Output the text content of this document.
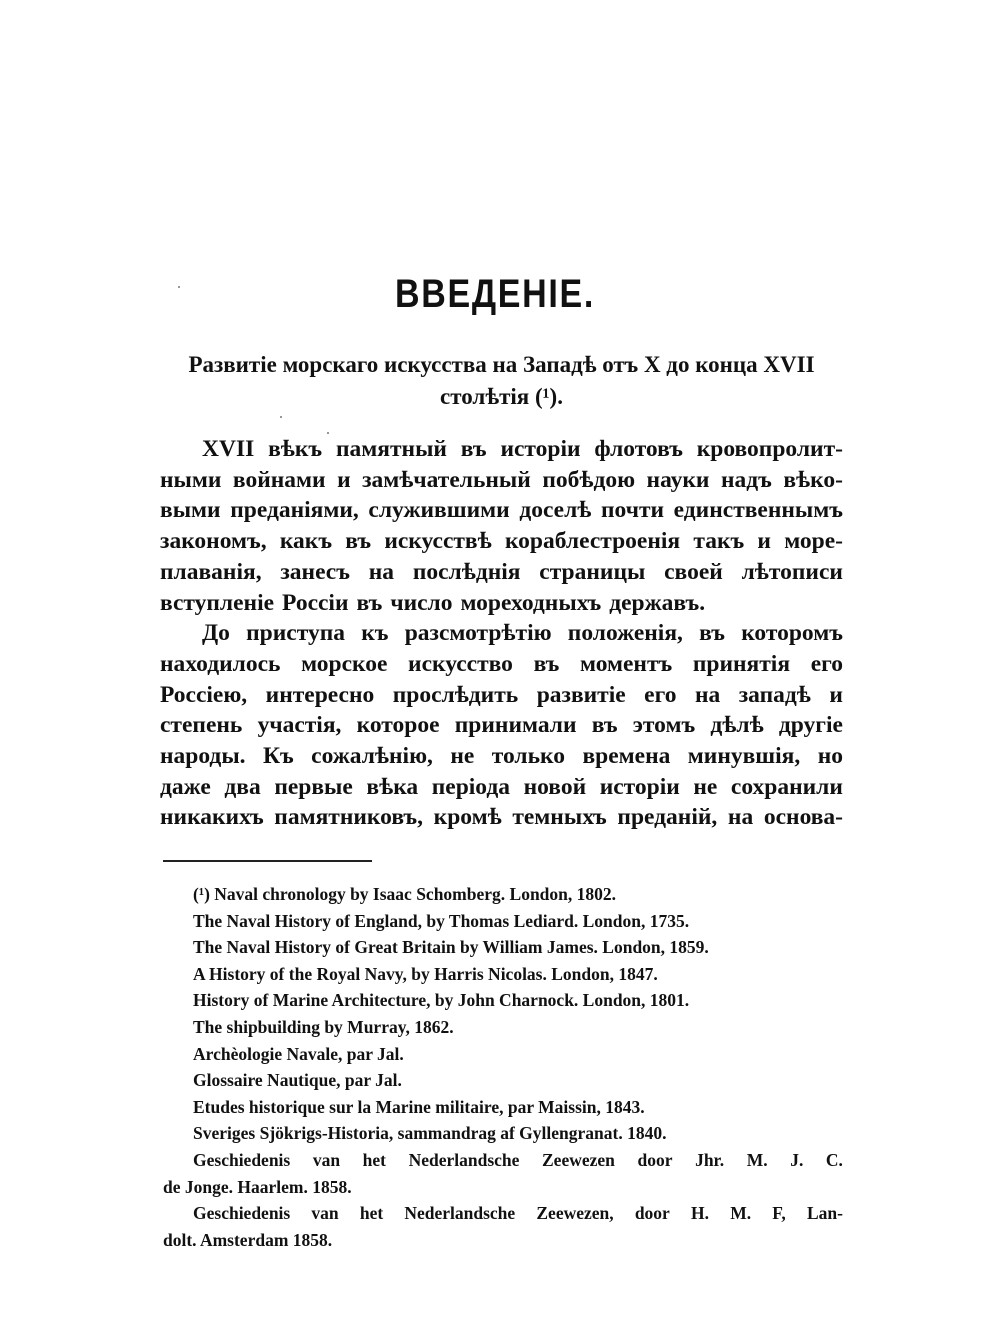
ВВЕДЕНІЕ.
Развитіе морскаго искусства на Западѣ отъ X до конца XVII
столѣтія (¹).
XVII вѣкъ памятный въ исторіи флотовъ кровопролит-
ными войнами и замѣчательный побѣдою науки надъ вѣко-
выми преданіями, служившими доселѣ почти единственнымъ
закономъ, какъ въ искусствѣ кораблестроенія такъ и море-
плаванія, занесъ на послѣднія страницы своей лѣтописи
вступленіе Россіи въ число мореходныхъ державъ.
До приступа къ разсмотрѣтію положенія, въ которомъ
находилось морское искусство въ моментъ принятія его
Россіею, интересно прослѣдить развитіе его на западѣ и
степень участія, которое принимали въ этомъ дѣлѣ другіе
народы. Къ сожалѣнію, не только времена минувшія, но
даже два первые вѣка періода новой исторіи не сохранили
никакихъ памятниковъ, кромѣ темныхъ преданій, на основа-
(¹) Naval chronology by Isaac Schomberg. London, 1802.
The Naval History of England, by Thomas Lediard. London, 1735.
The Naval History of Great Britain by William James. London, 1859.
A History of the Royal Navy, by Harris Nicolas. London, 1847.
History of Marine Architecture, by John Charnock. London, 1801.
The shipbuilding by Murray, 1862.
Archèologie Navale, par Jal.
Glossaire Nautique, par Jal.
Etudes historique sur la Marine militaire, par Maissin, 1843.
Sveriges Sjökrigs-Historia, sammandrag af Gyllengranat. 1840.
Geschiedenis van het Nederlandsche Zeewezen door Jhr. M. J. C.
de Jonge. Haarlem. 1858.
Geschiedenis van het Nederlandsche Zeewezen, door H. M. F, Lan-
dolt. Amsterdam 1858.
